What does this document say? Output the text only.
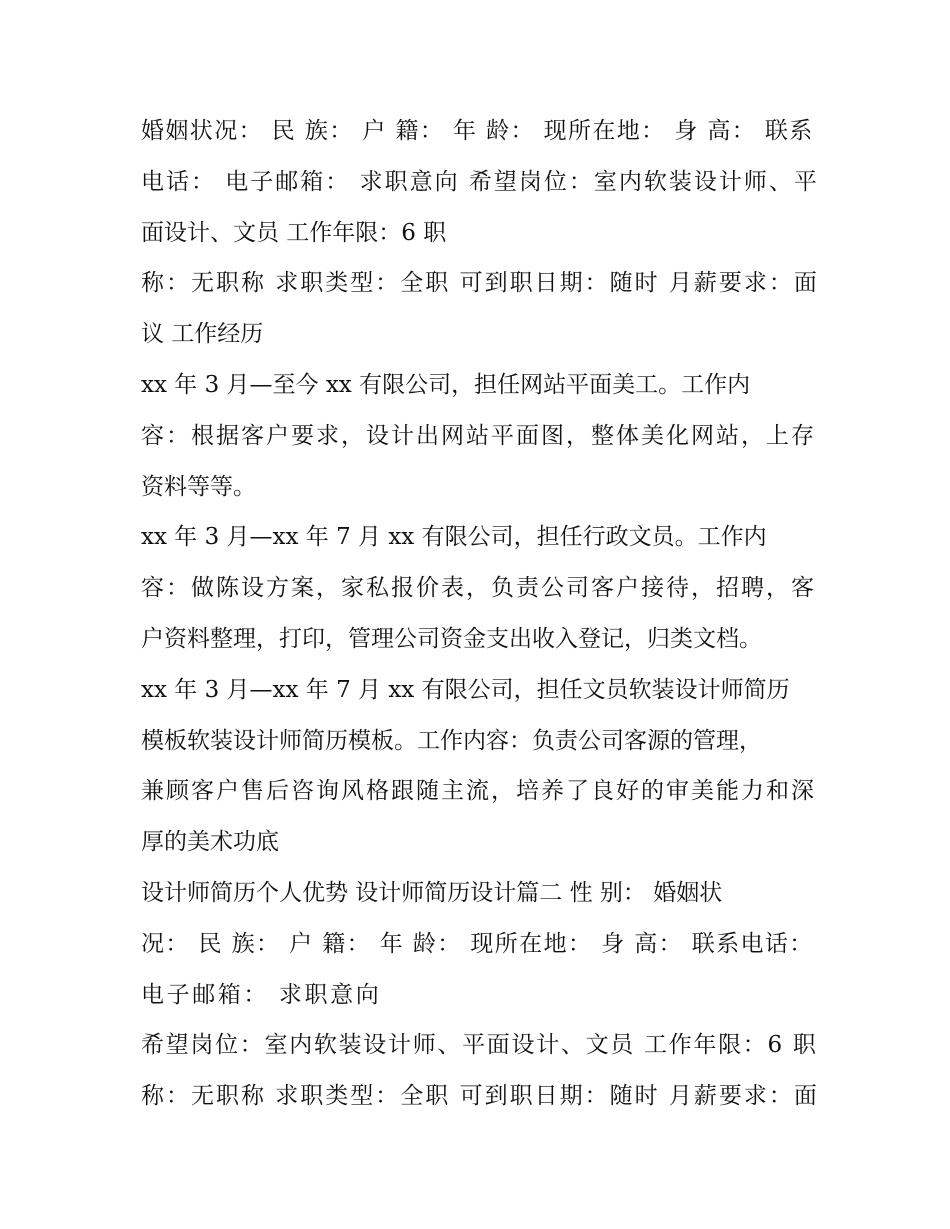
婚姻状况： 民 族： 户 籍： 年 龄： 现所在地： 身 高： 联系
电话： 电子邮箱： 求职意向 希望岗位：室内软装设计师、平
面设计、文员 工作年限：6 职
称：无职称 求职类型：全职 可到职日期：随时 月薪要求：面
议 工作经历
xx 年 3 月—至今 xx 有限公司，担任网站平面美工。工作内
容：根据客户要求，设计出网站平面图，整体美化网站，上存
资料等等。
xx 年 3 月—xx 年 7 月 xx 有限公司，担任行政文员。工作内
容：做陈设方案，家私报价表，负责公司客户接待，招聘，客
户资料整理，打印，管理公司资金支出收入登记，归类文档。
xx 年 3 月—xx 年 7 月 xx 有限公司，担任文员软装设计师简历
模板软装设计师简历模板。工作内容：负责公司客源的管理，
兼顾客户售后咨询风格跟随主流，培养了良好的审美能力和深
厚的美术功底
设计师简历个人优势 设计师简历设计篇二 性 别： 婚姻状
况： 民 族： 户 籍： 年 龄： 现所在地： 身 高： 联系电话：
电子邮箱： 求职意向
希望岗位：室内软装设计师、平面设计、文员 工作年限：6 职
称：无职称 求职类型：全职 可到职日期：随时 月薪要求：面
